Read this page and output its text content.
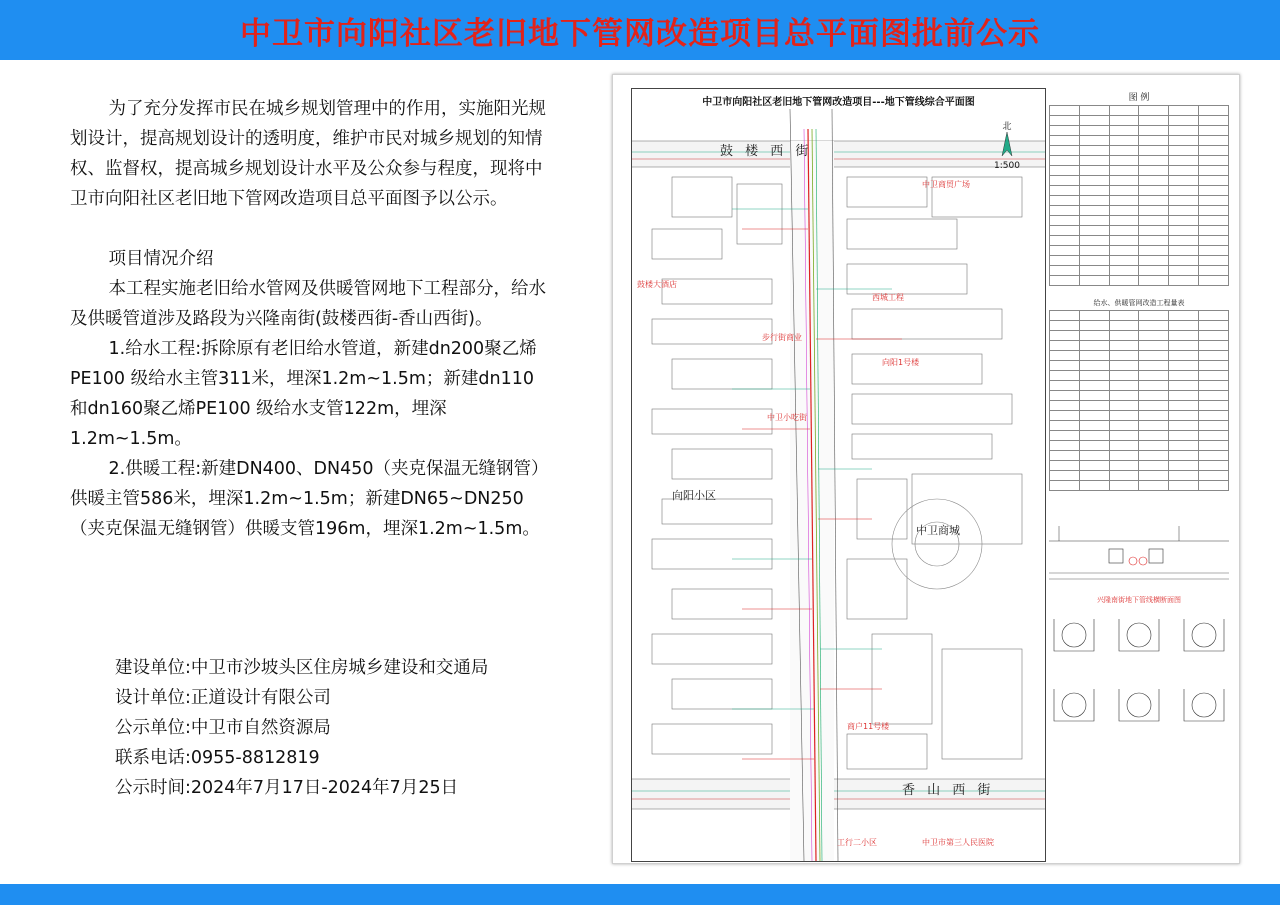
中卫市向阳社区老旧地下管网改造项目总平面图批前公示

为了充分发挥市民在城乡规划管理中的作用，实施阳光规划设计，提高规划设计的透明度，维护市民对城乡规划的知情权、监督权，提高城乡规划设计水平及公众参与程度，现将中卫市向阳社区老旧地下管网改造项目总平面图予以公示。

项目情况介绍

本工程实施老旧给水管网及供暖管网地下工程部分，给水及供暖管道涉及路段为兴隆南街(鼓楼西街-香山西街)。

1.给水工程:拆除原有老旧给水管道，新建dn200聚乙烯PE100 级给水主管311米，埋深1.2m~1.5m；新建dn110和dn160聚乙烯PE100 级给水支管122m，埋深1.2m~1.5m。

2.供暖工程:新建DN400、DN450（夹克保温无缝钢管）供暖主管586米，埋深1.2m~1.5m；新建DN65~DN250（夹克保温无缝钢管）供暖支管196m，埋深1.2m~1.5m。

建设单位:中卫市沙坡头区住房城乡建设和交通局
设计单位:正道设计有限公司
公示单位:中卫市自然资源局
联系电话:0955-8812819
公示时间:2024年7月17日-2024年7月25日
中卫市向阳社区老旧地下管网改造项目---地下管线综合平面图
北
1:500
鼓 楼 西 街
香 山 西 街
向阳小区
中卫商城
步行街商业
中卫小吃街
西城工程
向阳1号楼
鼓楼大酒店
中卫商贸广场
商户11号楼
工行二小区	中卫市第三人民医院
图 例

给水、供暖管网改造工程量表

兴隆南街地下管线横断面图
